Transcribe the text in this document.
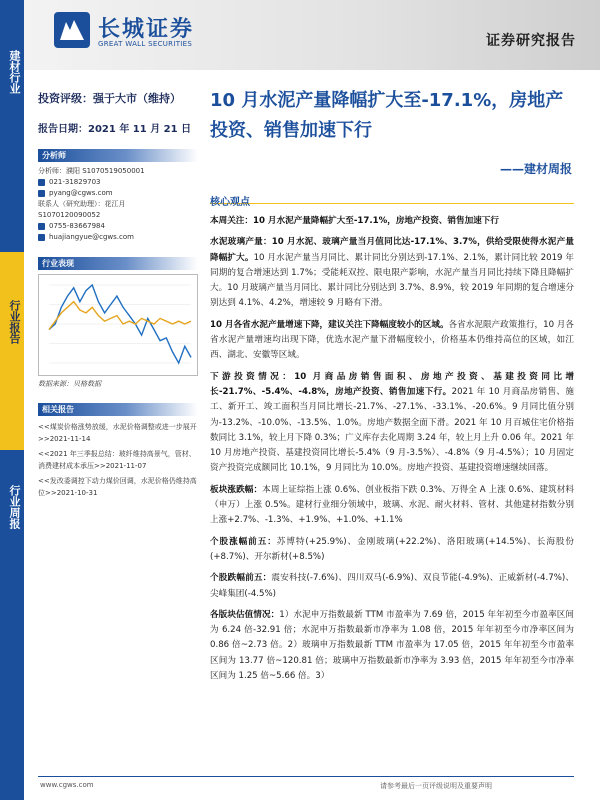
建材行业
行业报告
行业周报
长城证券
GREAT WALL SECURITIES	证券研究报告
投资评级：强于大市（维持）
报告日期：2021 年 11 月 21 日
分析师
分析师：濮阳 S1070519050001
021-31829703
pyang@cgws.com
联系人（研究助理）：花江月
S1070120090052
0755-83667984
huajiangyue@cgws.com
行业表现
数据来源：贝格数据
相关报告
<<煤炭价格涨势放缓，水泥价格调整或进一步展开>>2021-11-14
<<2021 年三季报总结：玻纤维持高景气，管材、消费建材成本承压>>2021-11-07
<<发改委调控下动力煤价回调，水泥价格仍维持高位>>2021-10-31
10 月水泥产量降幅扩大至-17.1%，房地产投资、销售加速下行
——建材周报
核心观点

本周关注：10 月水泥产量降幅扩大至-17.1%，房地产投资、销售加速下行

水泥玻璃产量：10 月水泥、玻璃产量当月值同比达-17.1%、3.7%，供给受限使得水泥产量降幅扩大。10 月水泥产量当月同比、累计同比分别达到-17.1%、2.1%，累计同比较 2019 年同期的复合增速达到 1.7%；受能耗双控、限电限产影响，水泥产量当月同比持续下降且降幅扩大。10 月玻璃产量当月同比、累计同比分别达到 3.7%、8.9%，较 2019 年同期的复合增速分别达到 4.1%、4.2%，增速较 9 月略有下滑。

10 月各省水泥产量增速下降，建议关注下降幅度较小的区域。各省水泥限产政策推行，10 月各省水泥产量增速均出现下降，优选水泥产量下滑幅度较小，价格基本仍维持高位的区域，如江西、湖北、安徽等区域。

下游投资情况：10 月商品房销售面积、房地产投资、基建投资同比增长-21.7%、-5.4%、-4.8%，房地产投资、销售加速下行。2021 年 10 月商品房销售、施工、新开工、竣工面积当月同比增长-21.7%、-27.1%、-33.1%、-20.6%。9 月同比值分别为-13.2%、-10.0%、-13.5%、1.0%。房地产数据全面下滑。2021 年 10 月百城住宅价格指数同比 3.1%，较上月下降 0.3%；广义库存去化周期 3.24 年，较上月上升 0.06 年。2021 年 10 月房地产投资、基建投资同比增长-5.4%（9 月-3.5%）、-4.8%（9 月-4.5%）；10 月固定资产投资完成额同比 10.1%，9 月同比为 10.0%。房地产投资、基建投资增速继续回落。

板块涨跌幅：本周上证综指上涨 0.6%、创业板指下跌 0.3%、万得全 A 上涨 0.6%、建筑材料（申万）上涨 0.5%。建材行业细分领域中，玻璃、水泥、耐火材料、管材、其他建材指数分别上涨+2.7%、-1.3%、+1.9%、+1.0%、+1.1%

个股涨幅前五：苏博特(+25.9%)、金刚玻璃(+22.2%)、洛阳玻璃(+14.5%)、长海股份(+8.7%)、开尔新材(+8.5%)

个股跌幅前五：震安科技(-7.6%)、四川双马(-6.9%)、双良节能(-4.9%)、正威新材(-4.7%)、尖峰集团(-4.5%)

各版块估值情况：1）水泥申万指数最新 TTM 市盈率为 7.69 倍，2015 年年初至今市盈率区间为 6.24 倍-32.91 倍；水泥申万指数最新市净率为 1.08 倍，2015 年年初至今市净率区间为 0.86 倍~2.73 倍。2）玻璃申万指数最新 TTM 市盈率为 17.05 倍，2015 年年初至今市盈率区间为 13.77 倍~120.81 倍；玻璃申万指数最新市净率为 3.93 倍，2015 年年初至今市净率区间为 1.25 倍~5.66 倍。3）

www.cgws.com	请参考最后一页评级说明及重要声明
